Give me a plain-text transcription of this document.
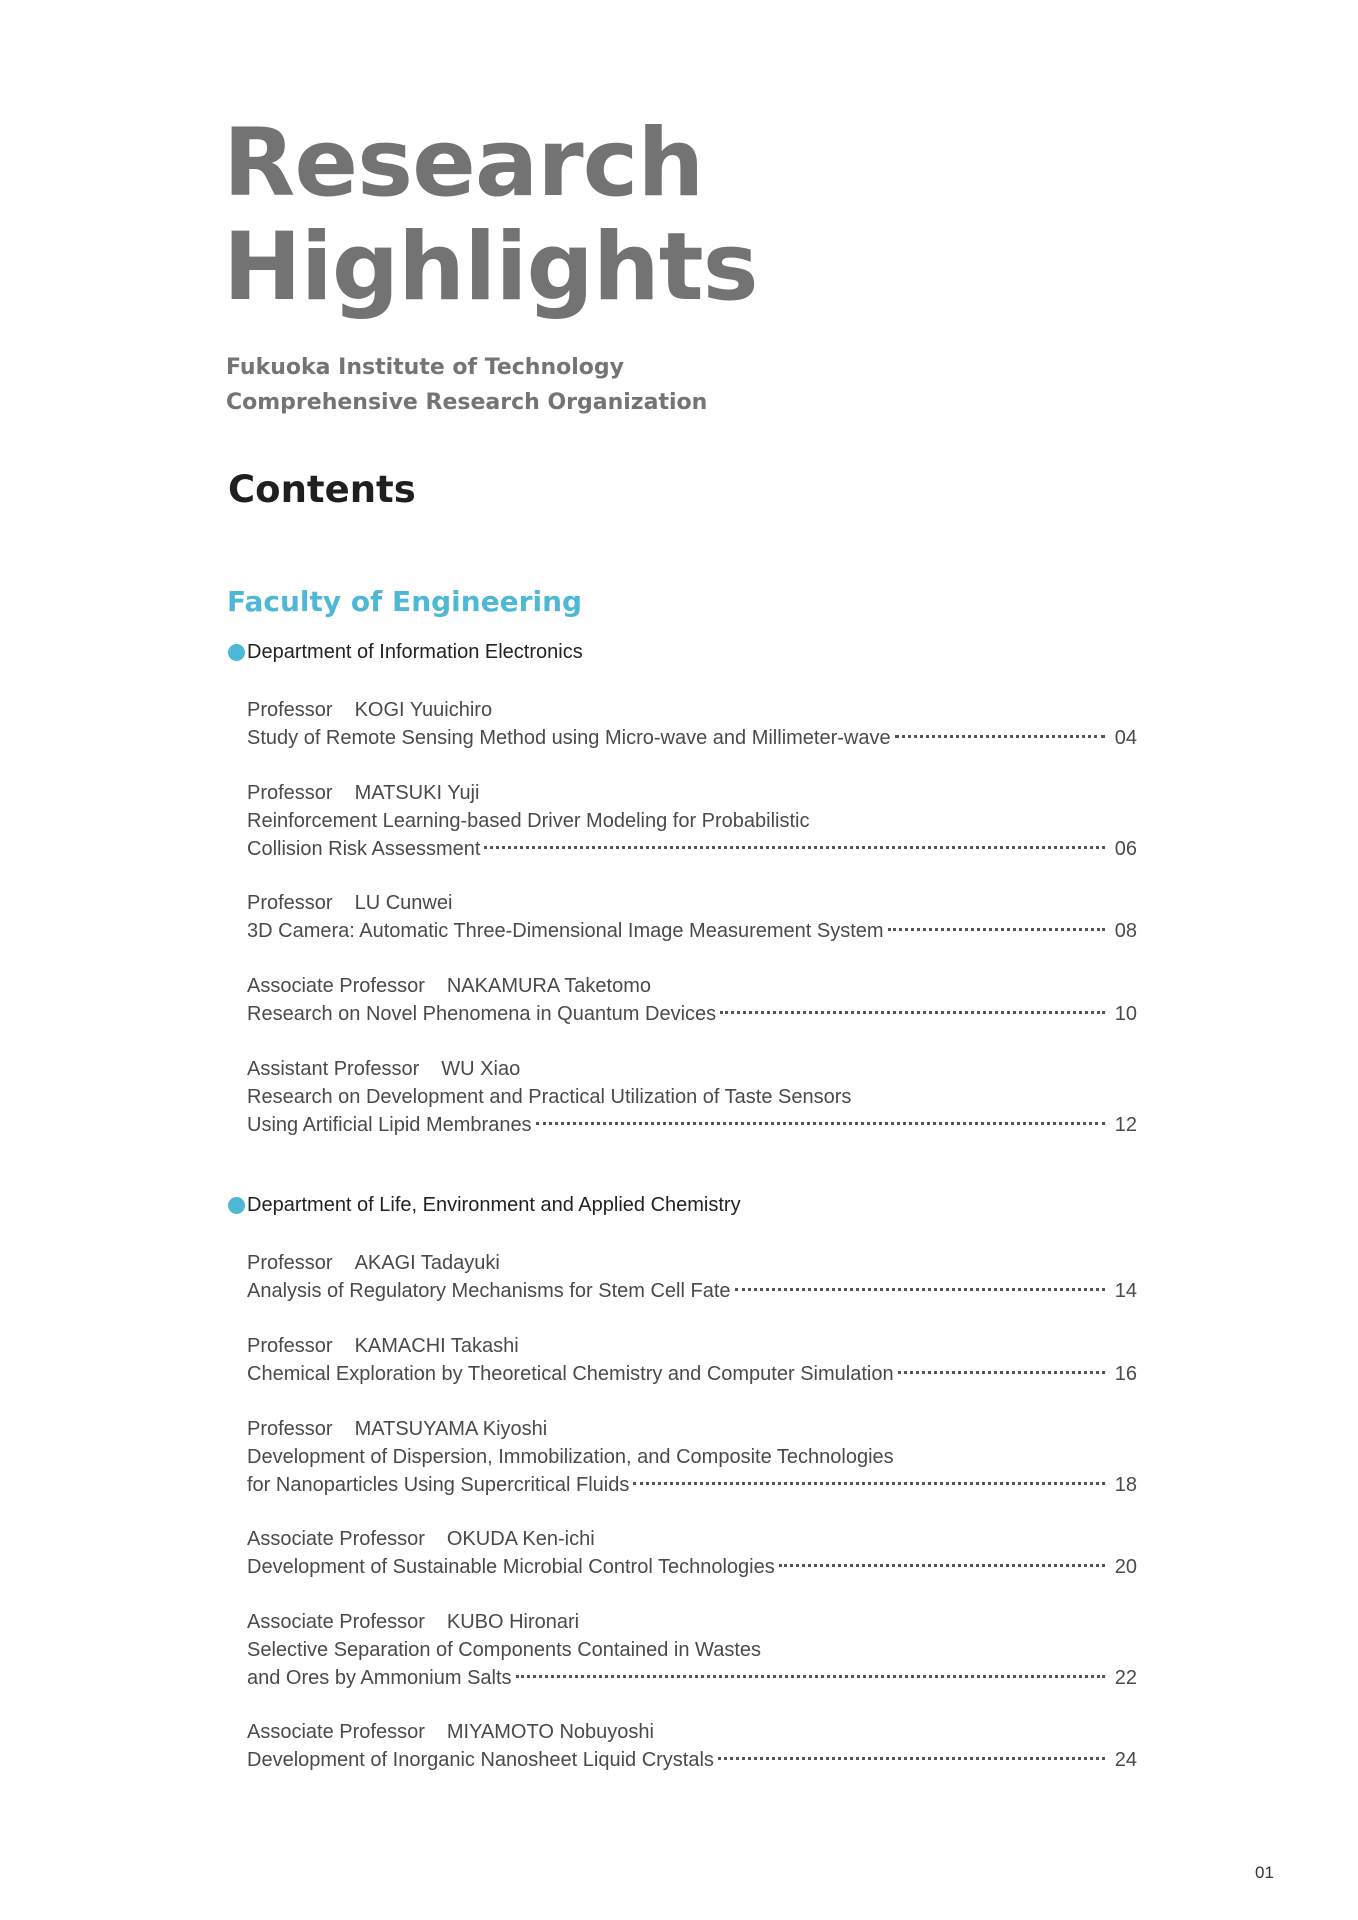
Research
Highlights
Fukuoka Institute of Technology
Comprehensive Research Organization
Contents
Faculty of Engineering
Department of Information Electronics
Professor KOGI Yuuichiro
Study of Remote Sensing Method using Micro-wave and Millimeter-wave	04
Professor MATSUKI Yuji
Reinforcement Learning-based Driver Modeling for Probabilistic
Collision Risk Assessment	06
Professor LU Cunwei
3D Camera: Automatic Three-Dimensional Image Measurement System	08
Associate Professor NAKAMURA Taketomo
Research on Novel Phenomena in Quantum Devices	10
Assistant Professor WU Xiao
Research on Development and Practical Utilization of Taste Sensors
Using Artificial Lipid Membranes	12
Department of Life, Environment and Applied Chemistry
Professor AKAGI Tadayuki
Analysis of Regulatory Mechanisms for Stem Cell Fate	14
Professor KAMACHI Takashi
Chemical Exploration by Theoretical Chemistry and Computer Simulation	16
Professor MATSUYAMA Kiyoshi
Development of Dispersion, Immobilization, and Composite Technologies
for Nanoparticles Using Supercritical Fluids	18
Associate Professor OKUDA Ken-ichi
Development of Sustainable Microbial Control Technologies	20
Associate Professor KUBO Hironari
Selective Separation of Components Contained in Wastes
and Ores by Ammonium Salts	22
Associate Professor MIYAMOTO Nobuyoshi
Development of Inorganic Nanosheet Liquid Crystals	24
01
